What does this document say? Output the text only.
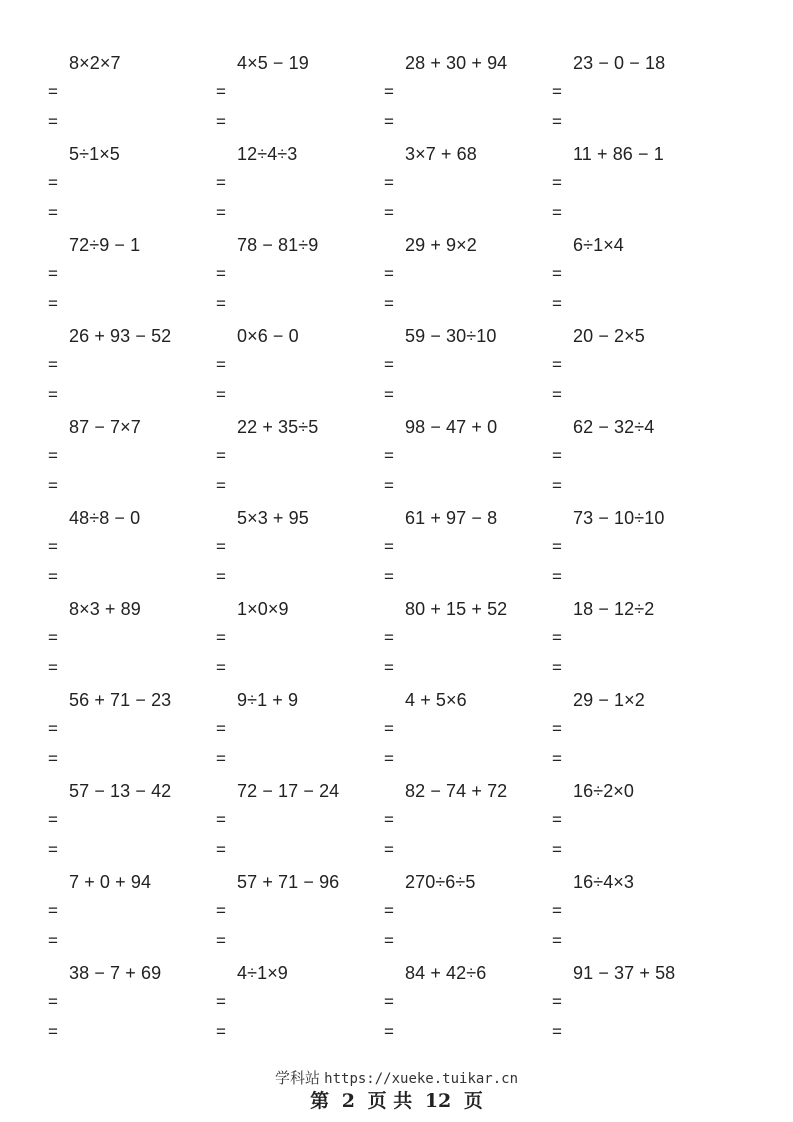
8×2×7
=
=
4×5 − 19
=
=
28 + 30 + 94
=
=
23 − 0 − 18
=
=
5÷1×5
=
=
12÷4÷3
=
=
3×7 + 68
=
=
11 + 86 − 1
=
=
72÷9 − 1
=
=
78 − 81÷9
=
=
29 + 9×2
=
=
6÷1×4
=
=
26 + 93 − 52
=
=
0×6 − 0
=
=
59 − 30÷10
=
=
20 − 2×5
=
=
87 − 7×7
=
=
22 + 35÷5
=
=
98 − 47 + 0
=
=
62 − 32÷4
=
=
48÷8 − 0
=
=
5×3 + 95
=
=
61 + 97 − 8
=
=
73 − 10÷10
=
=
8×3 + 89
=
=
1×0×9
=
=
80 + 15 + 52
=
=
18 − 12÷2
=
=
56 + 71 − 23
=
=
9÷1 + 9
=
=
4 + 5×6
=
=
29 − 1×2
=
=
57 − 13 − 42
=
=
72 − 17 − 24
=
=
82 − 74 + 72
=
=
16÷2×0
=
=
7 + 0 + 94
=
=
57 + 71 − 96
=
=
270÷6÷5
=
=
16÷4×3
=
=
38 − 7 + 69
=
=
4÷1×9
=
=
84 + 42÷6
=
=
91 − 37 + 58
=
=
学科站 https://xueke.tuikar.cn
第 2 页 共 12 页
